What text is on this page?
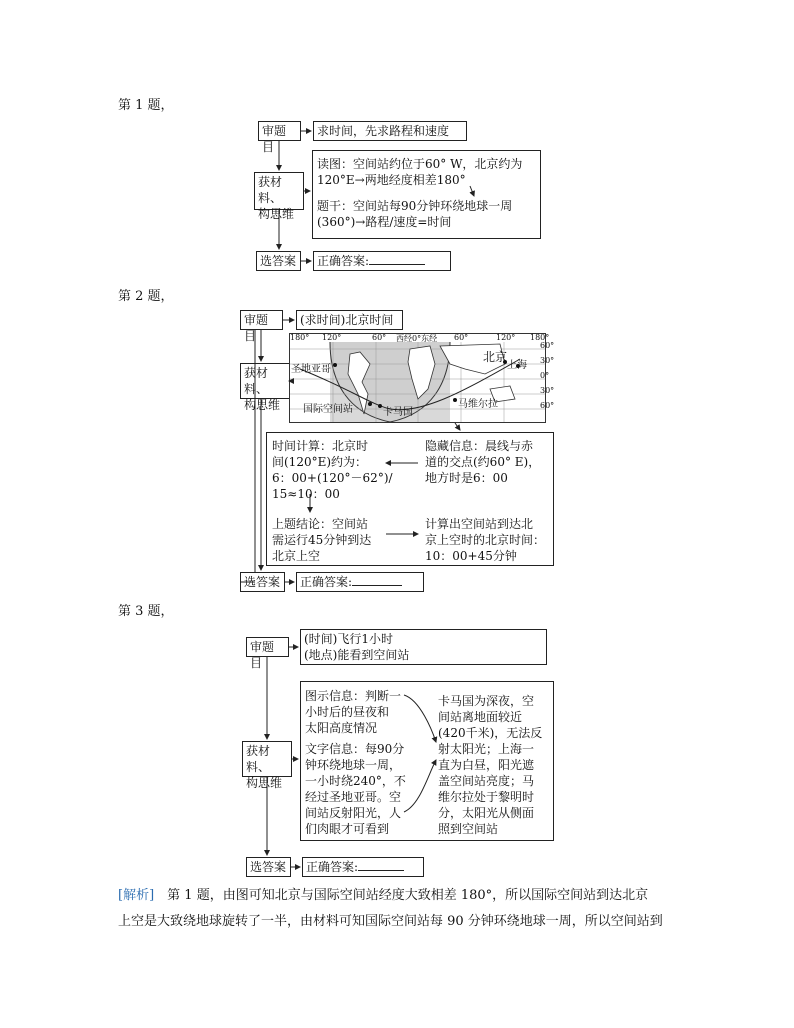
第 1 题，
审题目
求时间，先求路程和速度
获材料、
构思维
读图：空间站约位于60° W，北京约为
120°E→两地经度相差180°
题干：空间站每90分钟环绕地球一周
(360°)→路程/速度=时间
选答案	正确答案:
第 2 题，
审题目
(求时间)北京时间
获材料、
构思维
180° 120°	60° 西经0°东经 60°	120° 180°
60°
30°
0°
30°
60°
圣地亚哥
国际空间站	卡马国
马维尔拉
北京
上海
时间计算：北京时
间(120°E)约为：
6：00+(120°－62°)/
15≈10：00
隐藏信息：晨线与赤
道的交点(约60° E)，
地方时是6：00
上题结论：空间站
需运行45分钟到达
北京上空
计算出空间站到达北
京上空时的北京时间：
10：00+45分钟
选答案	正确答案:
第 3 题，
审题目
(时间)飞行1小时
(地点)能看到空间站
获材料、
构思维
图示信息：判断一
小时后的昼夜和
太阳高度情况
文字信息：每90分
钟环绕地球一周，
一小时绕240°，不
经过圣地亚哥。空
间站反射阳光，人
们肉眼才可看到
卡马国为深夜，空
间站离地面较近
(420千米)，无法反
射太阳光；上海一
直为白昼，阳光遮
盖空间站亮度；马
维尔拉处于黎明时
分，太阳光从侧面
照到空间站
选答案	正确答案:
[解析]　第 1 题，由图可知北京与国际空间站经度大致相差 180°，所以国际空间站到达北京
上空是大致绕地球旋转了一半，由材料可知国际空间站每 90 分钟环绕地球一周，所以空间站到
